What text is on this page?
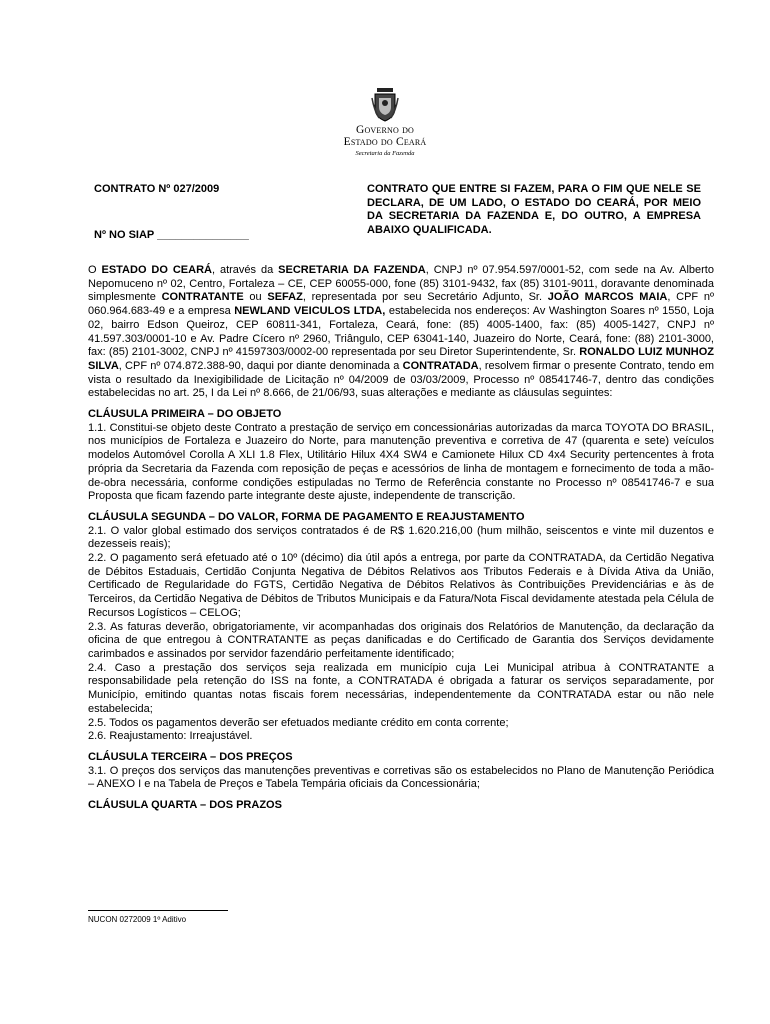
Governo do
Estado do Ceará
Secretaria da Fazenda
CONTRATO Nº 027/2009
Nº NO SIAP _______________
CONTRATO QUE ENTRE SI FAZEM, PARA O FIM QUE NELE SE DECLARA, DE UM LADO, O ESTADO DO CEARÁ, POR MEIO DA SECRETARIA DA FAZENDA E, DO OUTRO, A EMPRESA ABAIXO QUALIFICADA.

O ESTADO DO CEARÁ, através da SECRETARIA DA FAZENDA, CNPJ nº 07.954.597/0001-52, com sede na Av. Alberto Nepomuceno nº 02, Centro, Fortaleza – CE, CEP 60055-000, fone (85) 3101-9432, fax (85) 3101-9011, doravante denominada simplesmente CONTRATANTE ou SEFAZ, representada por seu Secretário Adjunto, Sr. JOÃO MARCOS MAIA, CPF nº 060.964.683-49 e a empresa NEWLAND VEICULOS LTDA, estabelecida nos endereços: Av Washington Soares nº 1550, Loja 02, bairro Edson Queiroz, CEP 60811-341, Fortaleza, Ceará, fone: (85) 4005-1400, fax: (85) 4005-1427, CNPJ nº 41.597.303/0001-10 e Av. Padre Cícero nº 2960, Triângulo, CEP 63041-140, Juazeiro do Norte, Ceará, fone: (88) 2101-3000, fax: (85) 2101-3002, CNPJ nº 41597303/0002-00 representada por seu Diretor Superintendente, Sr. RONALDO LUIZ MUNHOZ SILVA, CPF nº 074.872.388-90, daqui por diante denominada a CONTRATADA, resolvem firmar o presente Contrato, tendo em vista o resultado da Inexigibilidade de Licitação nº 04/2009 de 03/03/2009, Processo nº 08541746-7, dentro das condições estabelecidas no art. 25, I da Lei nº 8.666, de 21/06/93, suas alterações e mediante as cláusulas seguintes:

CLÁUSULA PRIMEIRA – DO OBJETO

1.1. Constitui-se objeto deste Contrato a prestação de serviço em concessionárias autorizadas da marca TOYOTA DO BRASIL, nos municípios de Fortaleza e Juazeiro do Norte, para manutenção preventiva e corretiva de 47 (quarenta e sete) veículos modelos Automóvel Corolla A XLI 1.8 Flex, Utilitário Hilux 4X4 SW4 e Camionete Hilux CD 4x4 Security pertencentes à frota própria da Secretaria da Fazenda com reposição de peças e acessórios de linha de montagem e fornecimento de toda a mão-de-obra necessária, conforme condições estipuladas no Termo de Referência constante no Processo nº 08541746-7 e sua Proposta que ficam fazendo parte integrante deste ajuste, independente de transcrição.

CLÁUSULA SEGUNDA – DO VALOR, FORMA DE PAGAMENTO E REAJUSTAMENTO

2.1. O valor global estimado dos serviços contratados é de R$ 1.620.216,00 (hum milhão, seiscentos e vinte mil duzentos e dezesseis reais);

2.2. O pagamento será efetuado até o 10º (décimo) dia útil após a entrega, por parte da CONTRATADA, da Certidão Negativa de Débitos Estaduais, Certidão Conjunta Negativa de Débitos Relativos aos Tributos Federais e à Dívida Ativa da União, Certificado de Regularidade do FGTS, Certidão Negativa de Débitos Relativos às Contribuições Previdenciárias e às de Terceiros, da Certidão Negativa de Débitos de Tributos Municipais e da Fatura/Nota Fiscal devidamente atestada pela Célula de Recursos Logísticos – CELOG;

2.3. As faturas deverão, obrigatoriamente, vir acompanhadas dos originais dos Relatórios de Manutenção, da declaração da oficina de que entregou à CONTRATANTE as peças danificadas e do Certificado de Garantia dos Serviços devidamente carimbados e assinados por servidor fazendário perfeitamente identificado;

2.4. Caso a prestação dos serviços seja realizada em município cuja Lei Municipal atribua à CONTRATANTE a responsabilidade pela retenção do ISS na fonte, a CONTRATADA é obrigada a faturar os serviços separadamente, por Município, emitindo quantas notas fiscais forem necessárias, independentemente da CONTRATADA estar ou não nele estabelecida;

2.5. Todos os pagamentos deverão ser efetuados mediante crédito em conta corrente;

2.6. Reajustamento: Irreajustável.

CLÁUSULA TERCEIRA – DOS PREÇOS

3.1. O preços dos serviços das manutenções preventivas e corretivas são os estabelecidos no Plano de Manutenção Periódica – ANEXO I e na Tabela de Preços e Tabela Tempária oficiais da Concessionária;

CLÁUSULA QUARTA – DOS PRAZOS

NUCON 0272009 1º Aditivo
